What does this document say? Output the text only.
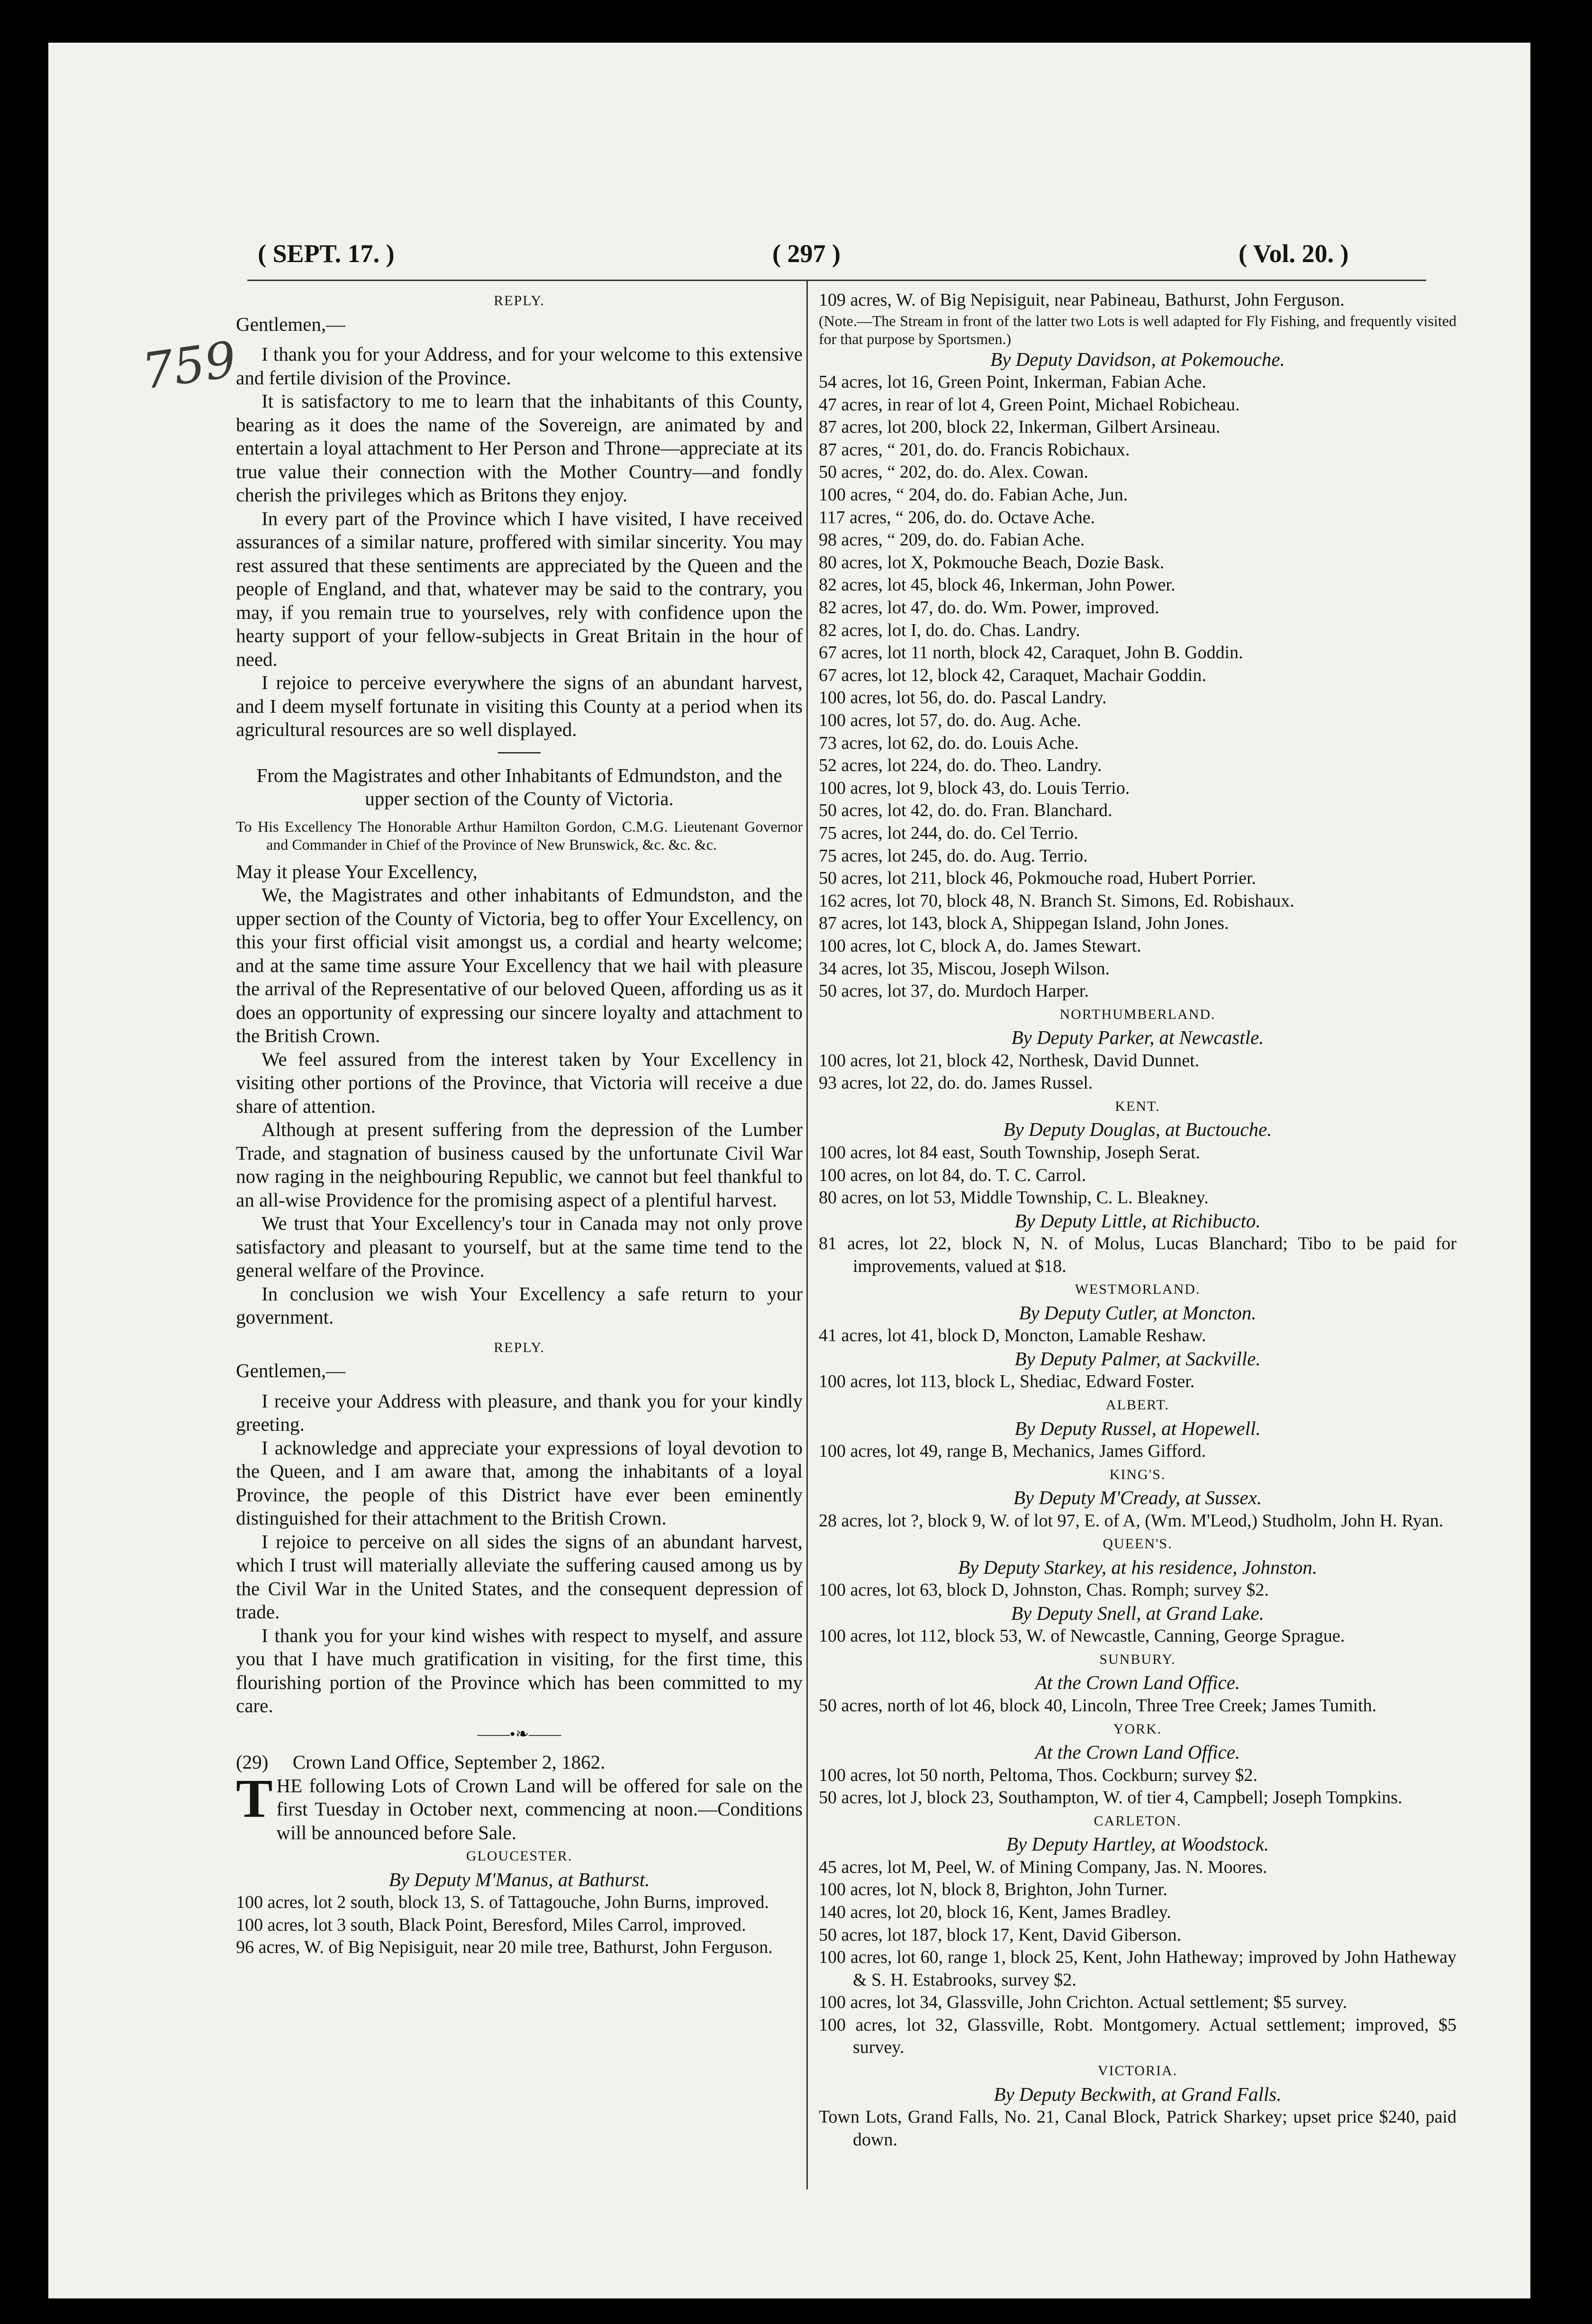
759
( SEPT. 17. )	( 297 )	( Vol. 20. )

REPLY.

Gentlemen,—

I thank you for your Address, and for your welcome to this extensive and fertile division of the Province.

It is satisfactory to me to learn that the inhabitants of this County, bearing as it does the name of the Sovereign, are animated by and entertain a loyal attachment to Her Person and Throne—appreciate at its true value their connection with the Mother Country—and fondly cherish the privileges which as Britons they enjoy.

In every part of the Province which I have visited, I have received assurances of a similar nature, proffered with similar sincerity. You may rest assured that these sentiments are appreciated by the Queen and the people of England, and that, whatever may be said to the contrary, you may, if you remain true to yourselves, rely with confidence upon the hearty support of your fellow-subjects in Great Britain in the hour of need.

I rejoice to perceive everywhere the signs of an abundant harvest, and I deem myself fortunate in visiting this County at a period when its agricultural resources are so well displayed.

From the Magistrates and other Inhabitants of Edmundston, and the upper section of the County of Victoria.

To His Excellency The Honorable Arthur Hamilton Gordon, C.M.G. Lieutenant Governor and Commander in Chief of the Province of New Brunswick, &c. &c. &c.

May it please Your Excellency,

We, the Magistrates and other inhabitants of Edmundston, and the upper section of the County of Victoria, beg to offer Your Excellency, on this your first official visit amongst us, a cordial and hearty welcome; and at the same time assure Your Excellency that we hail with pleasure the arrival of the Representative of our beloved Queen, affording us as it does an opportunity of expressing our sincere loyalty and attachment to the British Crown.

We feel assured from the interest taken by Your Excellency in visiting other portions of the Province, that Victoria will receive a due share of attention.

Although at present suffering from the depression of the Lumber Trade, and stagnation of business caused by the unfortunate Civil War now raging in the neighbouring Republic, we cannot but feel thankful to an all-wise Providence for the promising aspect of a plentiful harvest.

We trust that Your Excellency's tour in Canada may not only prove satisfactory and pleasant to yourself, but at the same time tend to the general welfare of the Province.

In conclusion we wish Your Excellency a safe return to your government.

REPLY.

Gentlemen,—

I receive your Address with pleasure, and thank you for your kindly greeting.

I acknowledge and appreciate your expressions of loyal devotion to the Queen, and I am aware that, among the inhabitants of a loyal Province, the people of this District have ever been eminently distinguished for their attachment to the British Crown.

I rejoice to perceive on all sides the signs of an abundant harvest, which I trust will materially alleviate the suffering caused among us by the Civil War in the United States, and the consequent depression of trade.

I thank you for your kind wishes with respect to myself, and assure you that I have much gratification in visiting, for the first time, this flourishing portion of the Province which has been committed to my care.

——•❧——

(29) Crown Land Office, September 2, 1862.

THE following Lots of Crown Land will be offered for sale on the first Tuesday in October next, commencing at noon.—Conditions will be announced before Sale.

GLOUCESTER.

By Deputy M'Manus, at Bathurst.

100 acres, lot 2 south, block 13, S. of Tattagouche, John Burns, improved.

100 acres, lot 3 south, Black Point, Beresford, Miles Carrol, improved.

96 acres, W. of Big Nepisiguit, near 20 mile tree, Bathurst, John Ferguson.

109 acres, W. of Big Nepisiguit, near Pabineau, Bathurst, John Ferguson.

(Note.—The Stream in front of the latter two Lots is well adapted for Fly Fishing, and frequently visited for that purpose by Sportsmen.)

By Deputy Davidson, at Pokemouche.

54 acres, lot 16, Green Point, Inkerman, Fabian Ache.

47 acres, in rear of lot 4, Green Point, Michael Robicheau.

87 acres, lot 200, block 22, Inkerman, Gilbert Arsineau.

87 acres, “ 201, do. do. Francis Robichaux.

50 acres, “ 202, do. do. Alex. Cowan.

100 acres, “ 204, do. do. Fabian Ache, Jun.

117 acres, “ 206, do. do. Octave Ache.

98 acres, “ 209, do. do. Fabian Ache.

80 acres, lot X, Pokmouche Beach, Dozie Bask.

82 acres, lot 45, block 46, Inkerman, John Power.

82 acres, lot 47, do. do. Wm. Power, improved.

82 acres, lot I, do. do. Chas. Landry.

67 acres, lot 11 north, block 42, Caraquet, John B. Goddin.

67 acres, lot 12, block 42, Caraquet, Machair Goddin.

100 acres, lot 56, do. do. Pascal Landry.

100 acres, lot 57, do. do. Aug. Ache.

73 acres, lot 62, do. do. Louis Ache.

52 acres, lot 224, do. do. Theo. Landry.

100 acres, lot 9, block 43, do. Louis Terrio.

50 acres, lot 42, do. do. Fran. Blanchard.

75 acres, lot 244, do. do. Cel Terrio.

75 acres, lot 245, do. do. Aug. Terrio.

50 acres, lot 211, block 46, Pokmouche road, Hubert Porrier.

162 acres, lot 70, block 48, N. Branch St. Simons, Ed. Robishaux.

87 acres, lot 143, block A, Shippegan Island, John Jones.

100 acres, lot C, block A, do. James Stewart.

34 acres, lot 35, Miscou, Joseph Wilson.

50 acres, lot 37, do. Murdoch Harper.

NORTHUMBERLAND.

By Deputy Parker, at Newcastle.

100 acres, lot 21, block 42, Northesk, David Dunnet.

93 acres, lot 22, do. do. James Russel.

KENT.

By Deputy Douglas, at Buctouche.

100 acres, lot 84 east, South Township, Joseph Serat.

100 acres, on lot 84, do. T. C. Carrol.

80 acres, on lot 53, Middle Township, C. L. Bleakney.

By Deputy Little, at Richibucto.

81 acres, lot 22, block N, N. of Molus, Lucas Blanchard; Tibo to be paid for improvements, valued at $18.

WESTMORLAND.

By Deputy Cutler, at Moncton.

41 acres, lot 41, block D, Moncton, Lamable Reshaw.

By Deputy Palmer, at Sackville.

100 acres, lot 113, block L, Shediac, Edward Foster.

ALBERT.

By Deputy Russel, at Hopewell.

100 acres, lot 49, range B, Mechanics, James Gifford.

KING'S.

By Deputy M'Cready, at Sussex.

28 acres, lot ?, block 9, W. of lot 97, E. of A, (Wm. M'Leod,) Studholm, John H. Ryan.

QUEEN'S.

By Deputy Starkey, at his residence, Johnston.

100 acres, lot 63, block D, Johnston, Chas. Romph; survey $2.

By Deputy Snell, at Grand Lake.

100 acres, lot 112, block 53, W. of Newcastle, Canning, George Sprague.

SUNBURY.

At the Crown Land Office.

50 acres, north of lot 46, block 40, Lincoln, Three Tree Creek; James Tumith.

YORK.

At the Crown Land Office.

100 acres, lot 50 north, Peltoma, Thos. Cockburn; survey $2.

50 acres, lot J, block 23, Southampton, W. of tier 4, Campbell; Joseph Tompkins.

CARLETON.

By Deputy Hartley, at Woodstock.

45 acres, lot M, Peel, W. of Mining Company, Jas. N. Moores.

100 acres, lot N, block 8, Brighton, John Turner.

140 acres, lot 20, block 16, Kent, James Bradley.

50 acres, lot 187, block 17, Kent, David Giberson.

100 acres, lot 60, range 1, block 25, Kent, John Hatheway; improved by John Hatheway & S. H. Estabrooks, survey $2.

100 acres, lot 34, Glassville, John Crichton. Actual settlement; $5 survey.

100 acres, lot 32, Glassville, Robt. Montgomery. Actual settlement; improved, $5 survey.

VICTORIA.

By Deputy Beckwith, at Grand Falls.

Town Lots, Grand Falls, No. 21, Canal Block, Patrick Sharkey; upset price $240, paid down.
